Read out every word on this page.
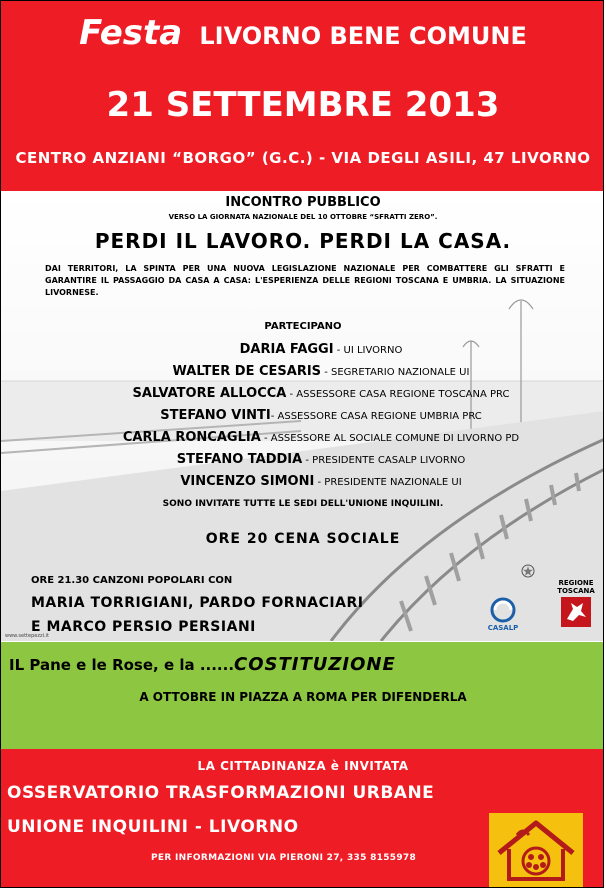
Festa LIVORNO BENE COMUNE
21 SETTEMBRE 2013
CENTRO ANZIANI “BORGO” (G.C.) - VIA DEGLI ASILI, 47 LIVORNO
INCONTRO PUBBLICO
VERSO LA GIORNATA NAZIONALE DEL 10 OTTOBRE “SFRATTI ZERO”.
PERDI IL LAVORO. PERDI LA CASA.
DAI TERRITORI, LA SPINTA PER UNA NUOVA LEGISLAZIONE NAZIONALE PER COMBATTERE GLI SFRATTI E GARANTIRE IL PASSAGGIO DA CASA A CASA: L'ESPERIENZA DELLE REGIONI TOSCANA E UMBRIA. LA SITUAZIONE LIVORNESE.
PARTECIPANO
DARIA FAGGI - UI LIVORNO
WALTER DE CESARIS - SEGRETARIO NAZIONALE UI
SALVATORE ALLOCCA - ASSESSORE CASA REGIONE TOSCANA PRC
STEFANO VINTI- ASSESSORE CASA REGIONE UMBRIA PRC
CARLA RONCAGLIA - ASSESSORE AL SOCIALE COMUNE DI LIVORNO PD
STEFANO TADDIA - PRESIDENTE CASALP LIVORNO
VINCENZO SIMONI - PRESIDENTE NAZIONALE UI
SONO INVITATE TUTTE LE SEDI DELL'UNIONE INQUILINI.
ORE 20 CENA SOCIALE
ORE 21.30 CANZONI POPOLARI CON
MARIA TORRIGIANI, PARDO FORNACIARI
E MARCO PERSIO PERSIANI
www.settepezzi.it
CASALP
REGIONE TOSCANA
IL Pane e le Rose, e la ......COSTITUZIONE
A OTTOBRE IN PIAZZA A ROMA PER DIFENDERLA
LA CITTADINANZA è INVITATA
OSSERVATORIO TRASFORMAZIONI URBANE
UNIONE INQUILINI - LIVORNO
PER INFORMAZIONI VIA PIERONI 27, 335 8155978
